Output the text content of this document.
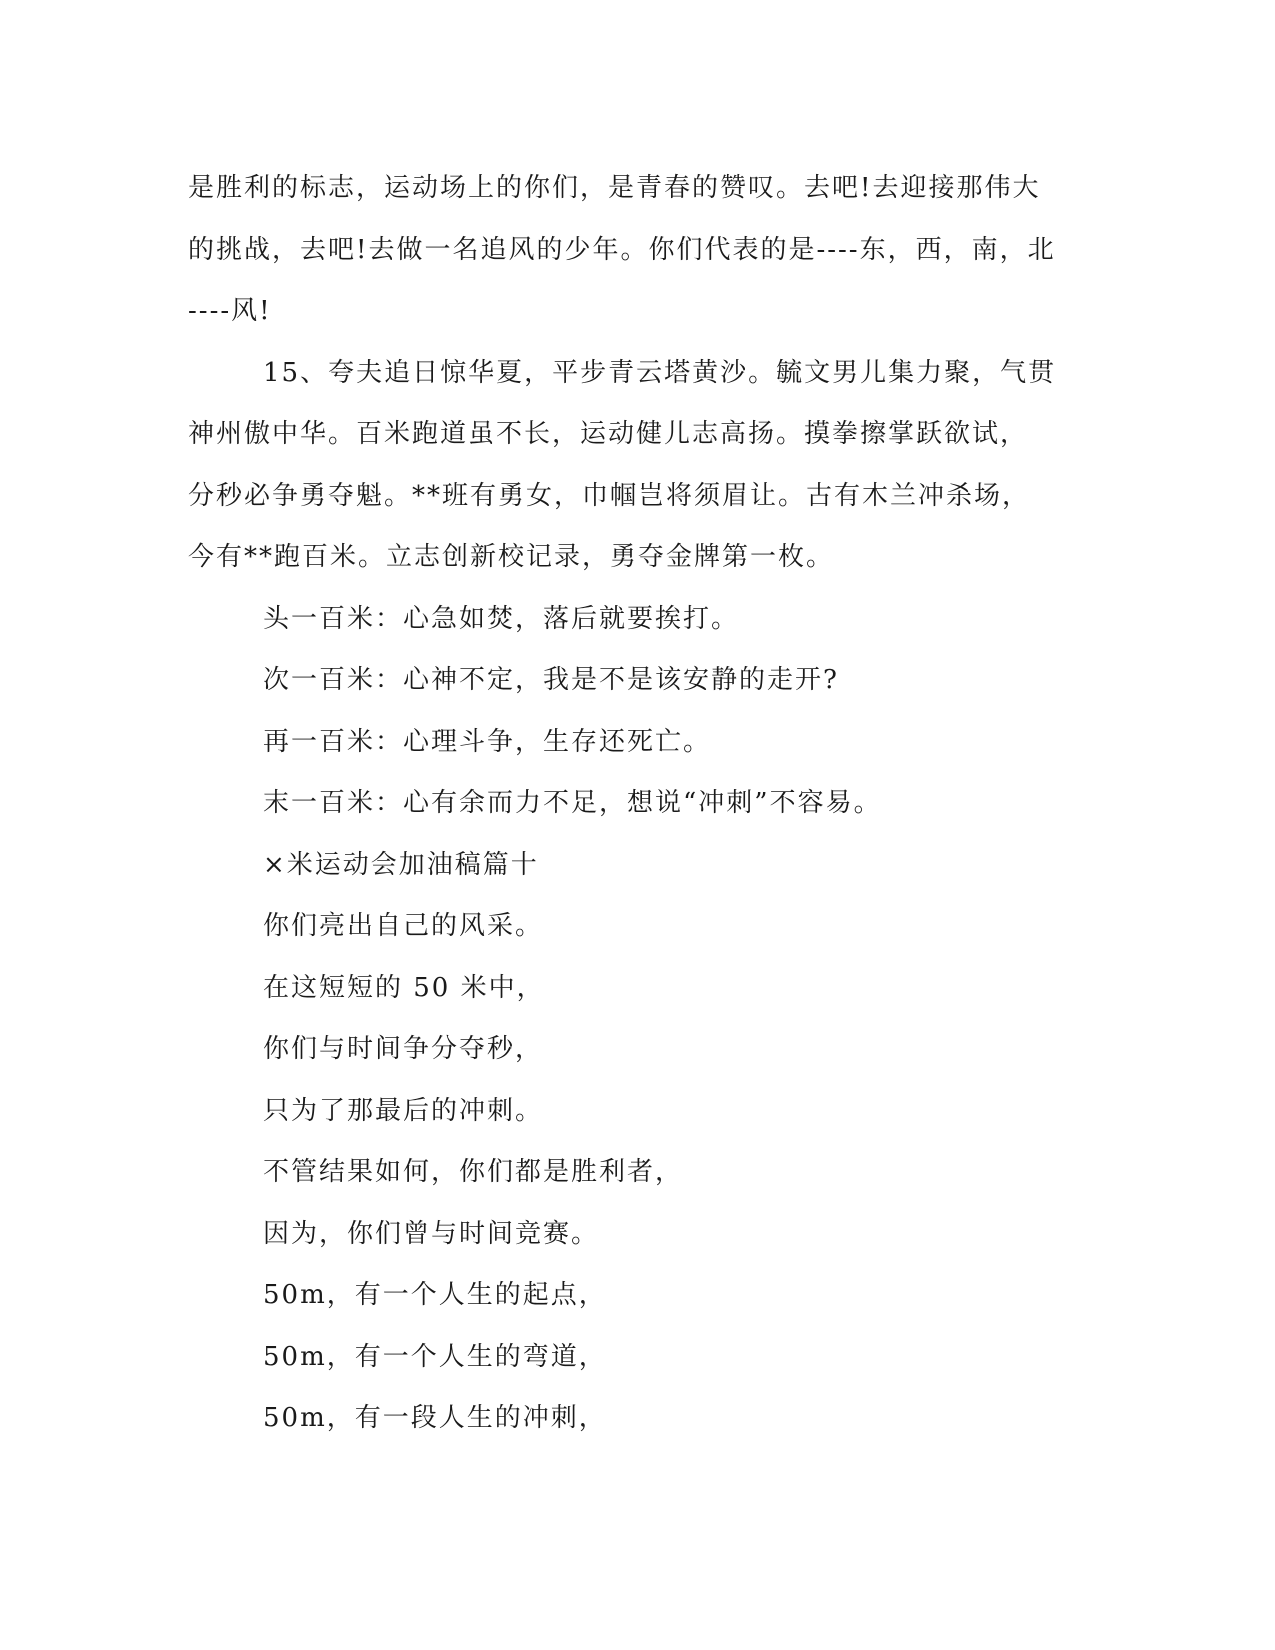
是胜利的标志，运动场上的你们，是青春的赞叹。去吧!去迎接那伟大
的挑战，去吧!去做一名追风的少年。你们代表的是----东，西，南，北
----风!
15、夸夫追日惊华夏，平步青云塔黄沙。毓文男儿集力聚，气贯
神州傲中华。百米跑道虽不长，运动健儿志高扬。摸拳擦掌跃欲试，
分秒必争勇夺魁。**班有勇女，巾帼岂将须眉让。古有木兰冲杀场，
今有**跑百米。立志创新校记录，勇夺金牌第一枚。
头一百米：心急如焚，落后就要挨打。
次一百米：心神不定，我是不是该安静的走开?
再一百米：心理斗争，生存还死亡。
末一百米：心有余而力不足，想说“冲刺”不容易。
×米运动会加油稿篇十
你们亮出自己的风采。
在这短短的 50 米中，
你们与时间争分夺秒，
只为了那最后的冲刺。
不管结果如何，你们都是胜利者，
因为，你们曾与时间竞赛。
50m，有一个人生的起点，
50m，有一个人生的弯道，
50m，有一段人生的冲刺，
